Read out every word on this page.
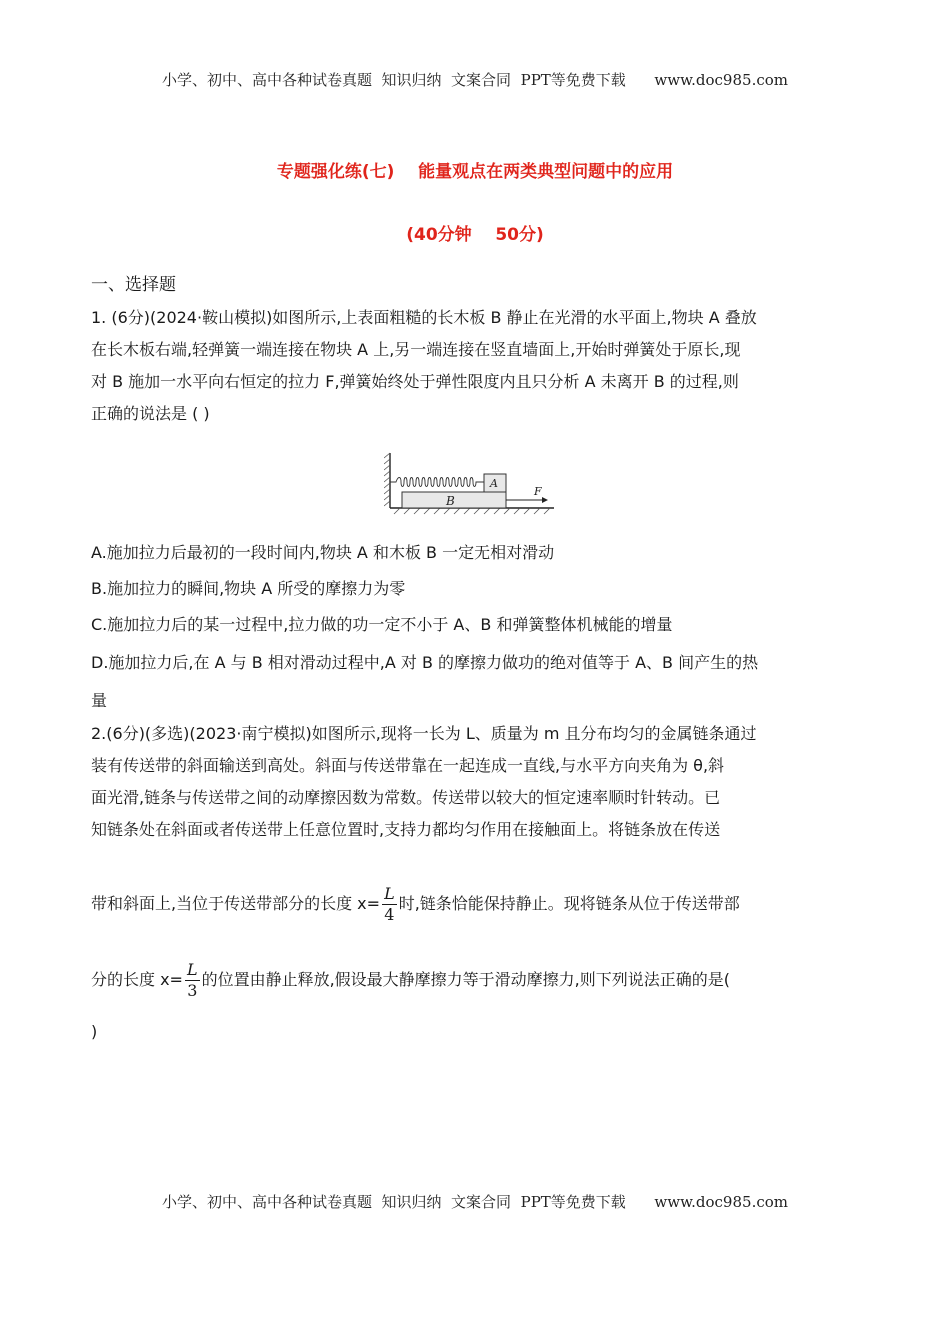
小学、初中、高中各种试卷真题  知识归纳  文案合同  PPT等免费下载      www.doc985.com
专题强化练(七)    能量观点在两类典型问题中的应用
(40分钟    50分)
一、选择题
1. (6分)(2024·鞍山模拟)如图所示,上表面粗糙的长木板 B 静止在光滑的水平面上,物块 A 叠放
在长木板右端,轻弹簧一端连接在物块 A 上,另一端连接在竖直墙面上,开始时弹簧处于原长,现
对 B 施加一水平向右恒定的拉力 F,弹簧始终处于弹性限度内且只分析 A 未离开 B 的过程,则
正确的说法是 ( )
B
A
F
A.施加拉力后最初的一段时间内,物块 A 和木板 B 一定无相对滑动
B.施加拉力的瞬间,物块 A 所受的摩擦力为零
C.施加拉力后的某一过程中,拉力做的功一定不小于 A、B 和弹簧整体机械能的增量
D.施加拉力后,在 A 与 B 相对滑动过程中,A 对 B 的摩擦力做功的绝对值等于 A、B 间产生的热
量
2.(6分)(多选)(2023·南宁模拟)如图所示,现将一长为 L、质量为 m 且分布均匀的金属链条通过
装有传送带的斜面输送到高处。斜面与传送带靠在一起连成一直线,与水平方向夹角为 θ,斜
面光滑,链条与传送带之间的动摩擦因数为常数。传送带以较大的恒定速率顺时针转动。已
知链条处在斜面或者传送带上任意位置时,支持力都均匀作用在接触面上。将链条放在传送
带和斜面上,当位于传送带部分的长度 $x= \frac{L}{4}$ 时,链条恰能保持静止。现将链条从位于传送带部
分的长度 $x= \frac{L}{3}$ 的位置由静止释放,假设最大静摩擦力等于滑动摩擦力,则下列说法正确的是(
)
小学、初中、高中各种试卷真题  知识归纳  文案合同  PPT等免费下载      www.doc985.com
